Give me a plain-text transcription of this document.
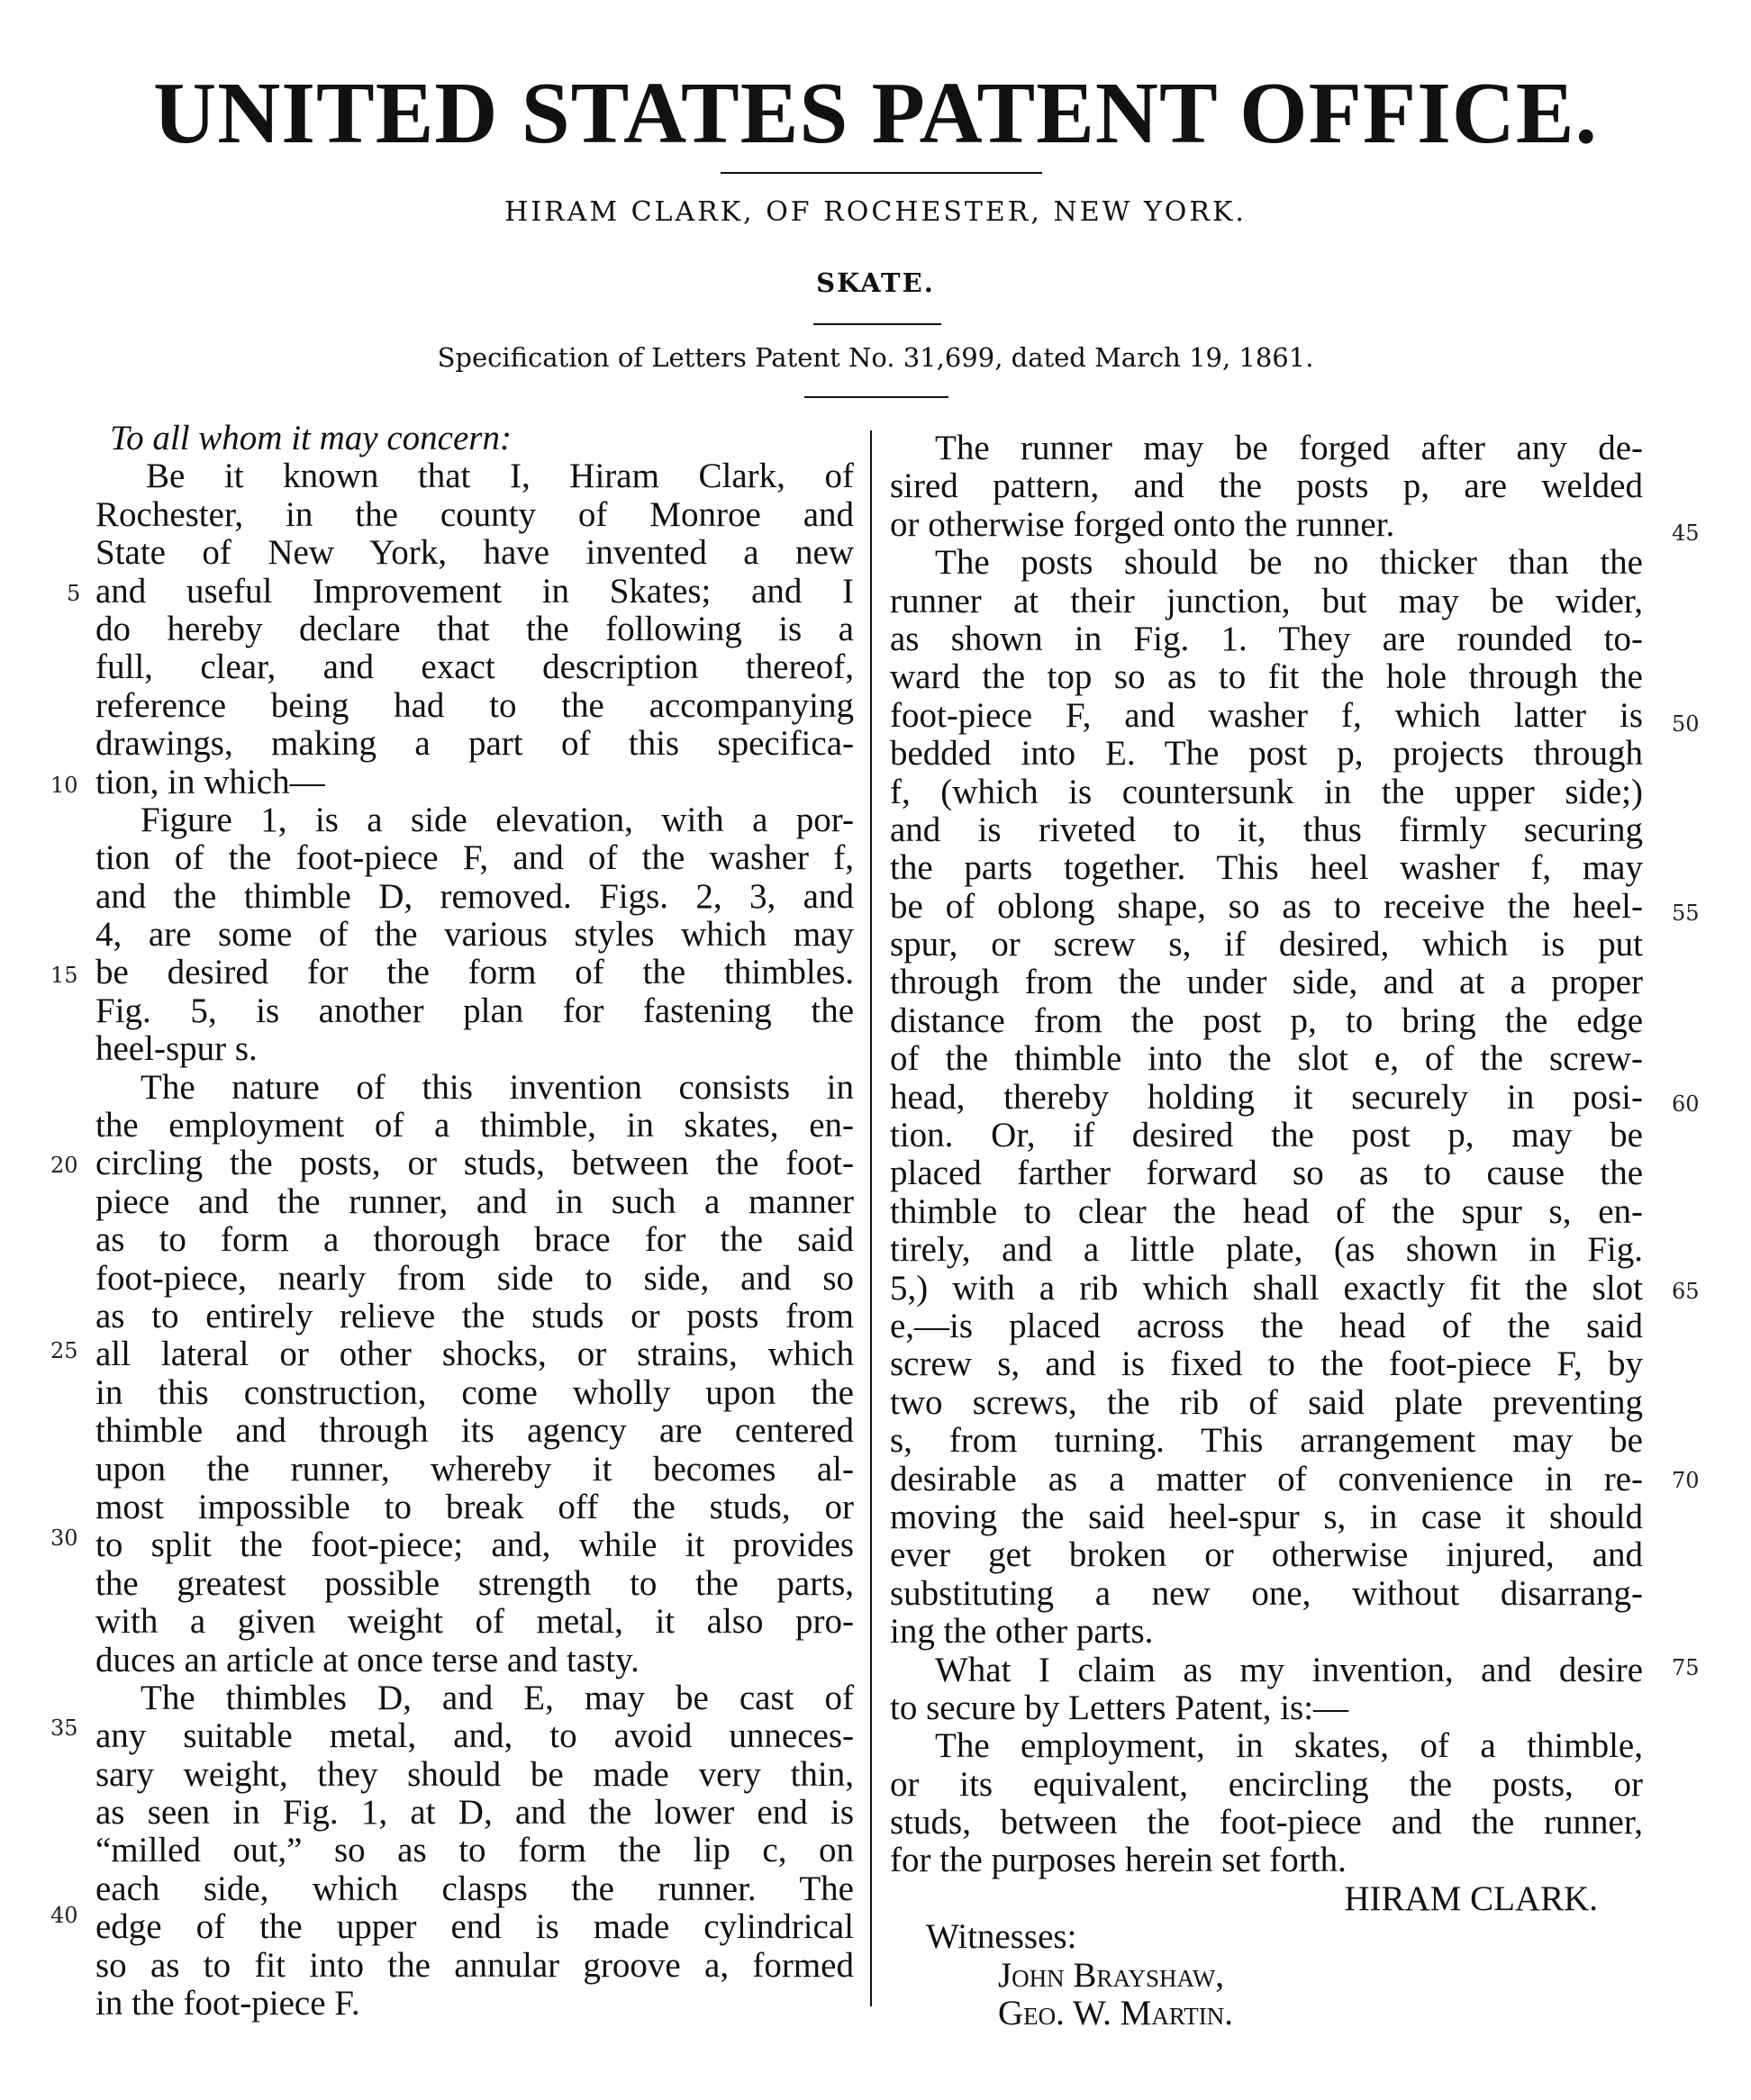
UNITED STATES PATENT OFFICE.
HIRAM CLARK, OF ROCHESTER, NEW YORK.
SKATE.
Specification of Letters Patent No. 31,699, dated March 19, 1861.
To all whom it may concern:
Be it known that I, Hiram Clark, of
Rochester, in the county of Monroe and
State of New York, have invented a new
and useful Improvement in Skates; and I
do hereby declare that the following is a
full, clear, and exact description thereof,
reference being had to the accompanying
drawings, making a part of this specifica-
tion, in which—
Figure 1, is a side elevation, with a por-
tion of the foot-piece F, and of the washer f,
and the thimble D, removed. Figs. 2, 3, and
4, are some of the various styles which may
be desired for the form of the thimbles.
Fig. 5, is another plan for fastening the
heel-spur s.
The nature of this invention consists in
the employment of a thimble, in skates, en-
circling the posts, or studs, between the foot-
piece and the runner, and in such a manner
as to form a thorough brace for the said
foot-piece, nearly from side to side, and so
as to entirely relieve the studs or posts from
all lateral or other shocks, or strains, which
in this construction, come wholly upon the
thimble and through its agency are centered
upon the runner, whereby it becomes al-
most impossible to break off the studs, or
to split the foot-piece; and, while it provides
the greatest possible strength to the parts,
with a given weight of metal, it also pro-
duces an article at once terse and tasty.
The thimbles D, and E, may be cast of
any suitable metal, and, to avoid unneces-
sary weight, they should be made very thin,
as seen in Fig. 1, at D, and the lower end is
“milled out,” so as to form the lip c, on
each side, which clasps the runner. The
edge of the upper end is made cylindrical
so as to fit into the annular groove a, formed
in the foot-piece F.
5
10
15
20
25
30
35
40
The runner may be forged after any de-
sired pattern, and the posts p, are welded
or otherwise forged onto the runner.
The posts should be no thicker than the
runner at their junction, but may be wider,
as shown in Fig. 1. They are rounded to-
ward the top so as to fit the hole through the
foot-piece F, and washer f, which latter is
bedded into E. The post p, projects through
f, (which is countersunk in the upper side;)
and is riveted to it, thus firmly securing
the parts together. This heel washer f, may
be of oblong shape, so as to receive the heel-
spur, or screw s, if desired, which is put
through from the under side, and at a proper
distance from the post p, to bring the edge
of the thimble into the slot e, of the screw-
head, thereby holding it securely in posi-
tion. Or, if desired the post p, may be
placed farther forward so as to cause the
thimble to clear the head of the spur s, en-
tirely, and a little plate, (as shown in Fig.
5,) with a rib which shall exactly fit the slot
e,—is placed across the head of the said
screw s, and is fixed to the foot-piece F, by
two screws, the rib of said plate preventing
s, from turning. This arrangement may be
desirable as a matter of convenience in re-
moving the said heel-spur s, in case it should
ever get broken or otherwise injured, and
substituting a new one, without disarrang-
ing the other parts.
What I claim as my invention, and desire
to secure by Letters Patent, is:—
The employment, in skates, of a thimble,
or its equivalent, encircling the posts, or
studs, between the foot-piece and the runner,
for the purposes herein set forth.
HIRAM CLARK.
Witnesses:
John Brayshaw,
Geo. W. Martin.
45
50
55
60
65
70
75
